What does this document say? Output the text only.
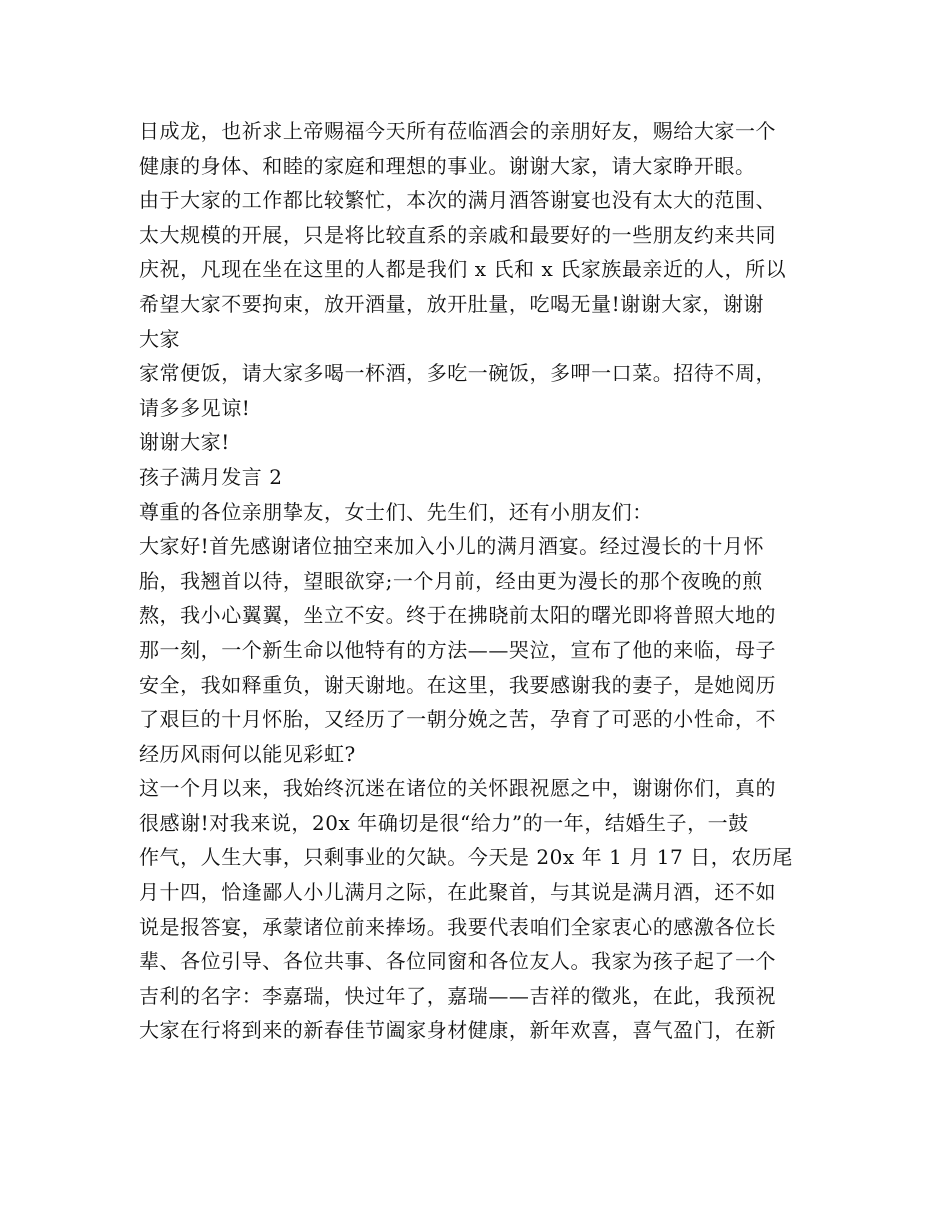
日成龙，也祈求上帝赐福今天所有莅临酒会的亲朋好友，赐给大家一个
健康的身体、和睦的家庭和理想的事业。谢谢大家，请大家睁开眼。
由于大家的工作都比较繁忙，本次的满月酒答谢宴也没有太大的范围、
太大规模的开展，只是将比较直系的亲戚和最要好的一些朋友约来共同
庆祝，凡现在坐在这里的人都是我们 x 氏和 x 氏家族最亲近的人，所以
希望大家不要拘束，放开酒量，放开肚量，吃喝无量!谢谢大家，谢谢
大家
家常便饭，请大家多喝一杯酒，多吃一碗饭，多呷一口菜。招待不周，
请多多见谅!
谢谢大家!
孩子满月发言 2
尊重的各位亲朋挚友，女士们、先生们，还有小朋友们：
大家好!首先感谢诸位抽空来加入小儿的满月酒宴。经过漫长的十月怀
胎，我翘首以待，望眼欲穿;一个月前，经由更为漫长的那个夜晚的煎
熬，我小心翼翼，坐立不安。终于在拂晓前太阳的曙光即将普照大地的
那一刻，一个新生命以他特有的方法——哭泣，宣布了他的来临，母子
安全，我如释重负，谢天谢地。在这里，我要感谢我的妻子，是她阅历
了艰巨的十月怀胎，又经历了一朝分娩之苦，孕育了可恶的小性命，不
经历风雨何以能见彩虹?
这一个月以来，我始终沉迷在诸位的关怀跟祝愿之中，谢谢你们，真的
很感谢!对我来说，20x 年确切是很“给力”的一年，结婚生子，一鼓
作气，人生大事，只剩事业的欠缺。今天是 20x 年 1 月 17 日，农历尾
月十四，恰逢鄙人小儿满月之际，在此聚首，与其说是满月酒，还不如
说是报答宴，承蒙诸位前来捧场。我要代表咱们全家衷心的感激各位长
辈、各位引导、各位共事、各位同窗和各位友人。我家为孩子起了一个
吉利的名字：李嘉瑞，快过年了，嘉瑞——吉祥的徵兆，在此，我预祝
大家在行将到来的新春佳节阖家身材健康，新年欢喜，喜气盈门，在新
